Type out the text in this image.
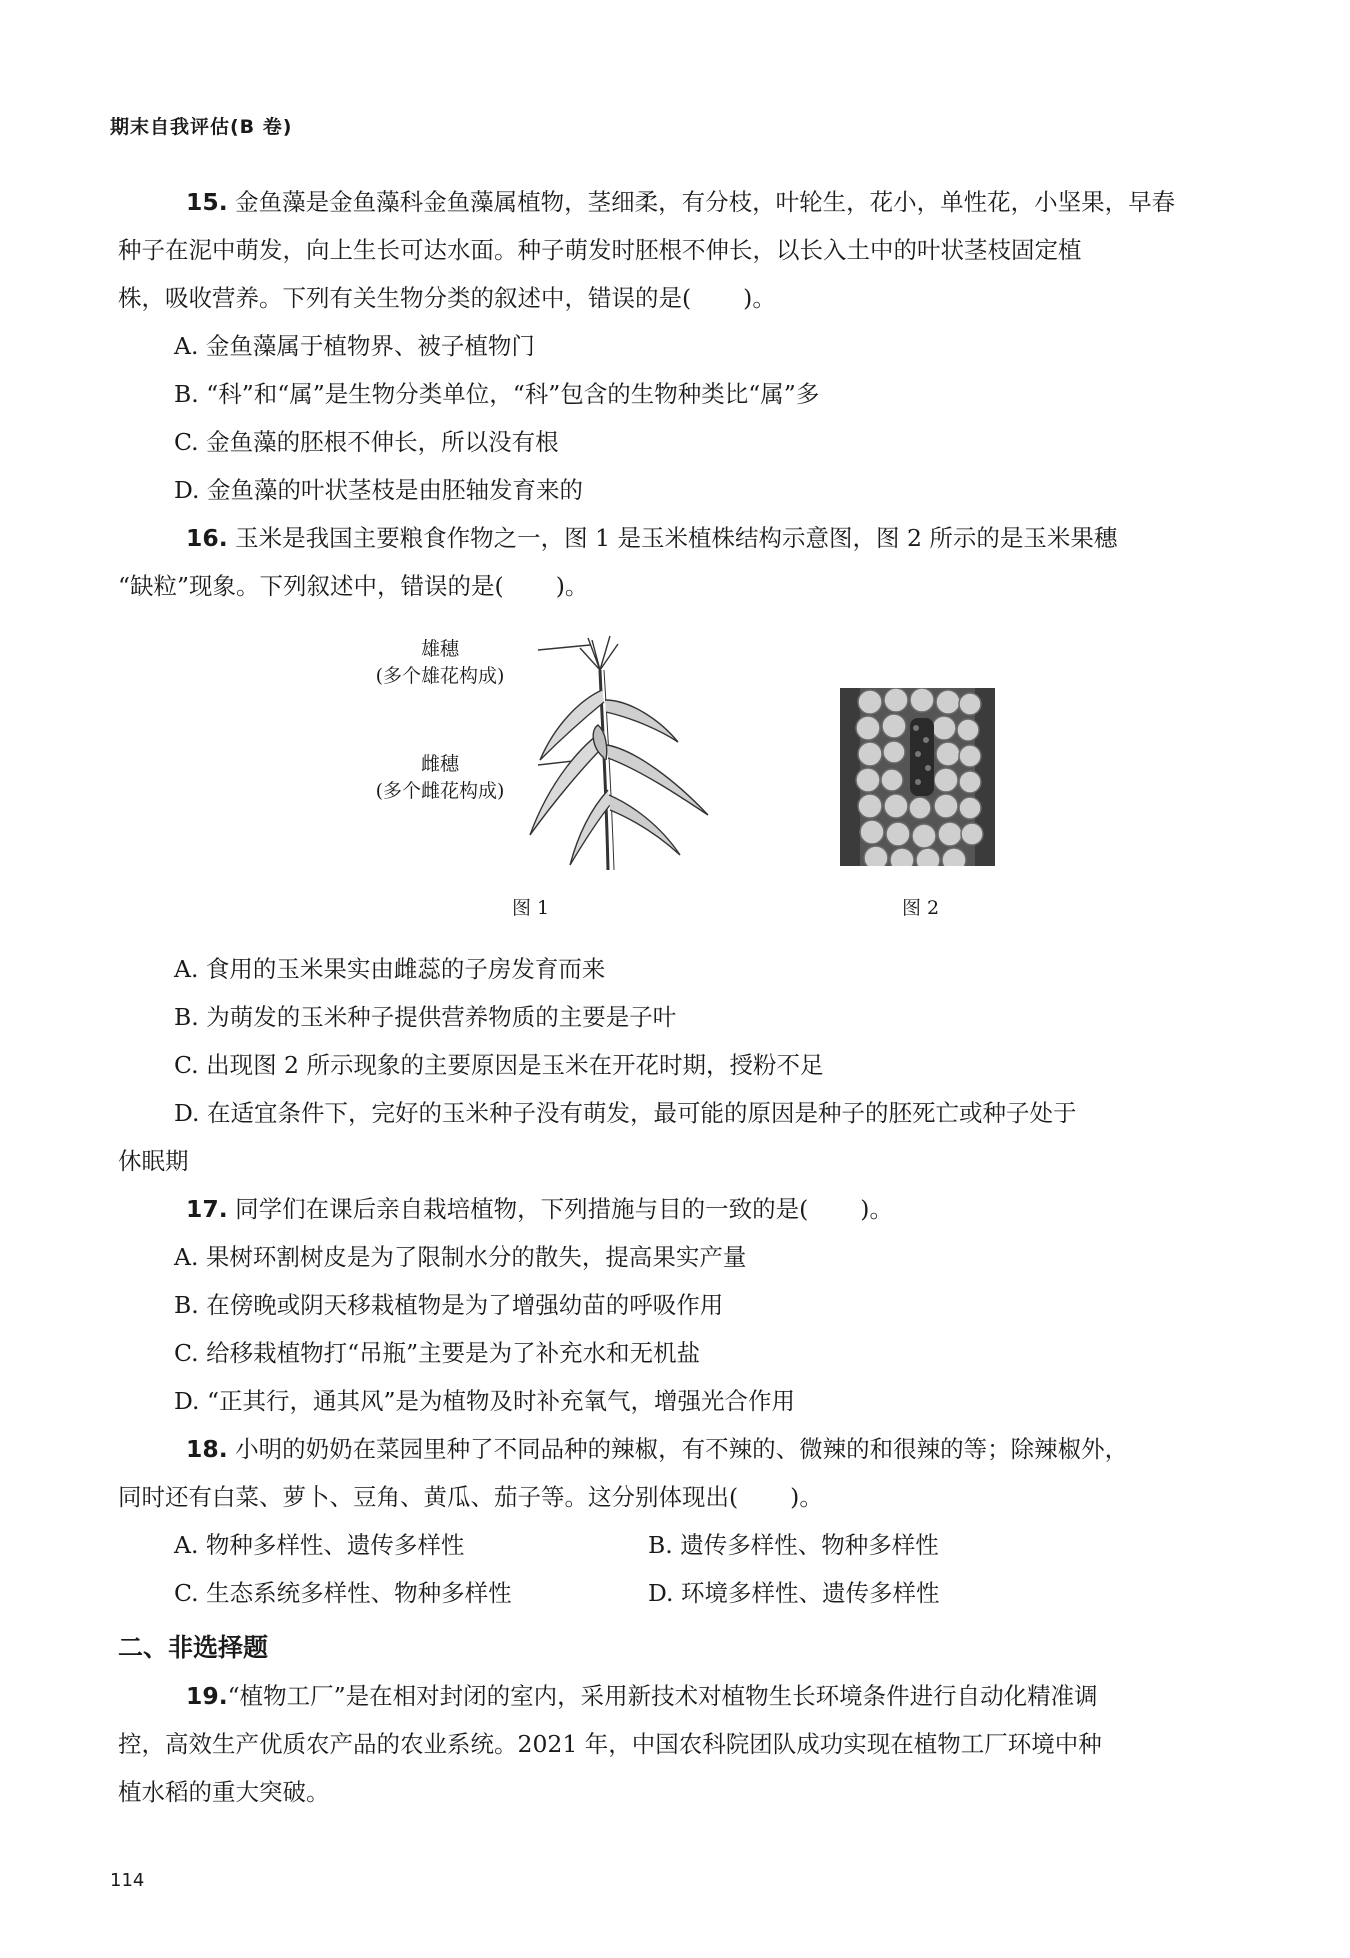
期末自我评估(B 卷)
15. 金鱼藻是金鱼藻科金鱼藻属植物，茎细柔，有分枝，叶轮生，花小，单性花，小坚果，早春
种子在泥中萌发，向上生长可达水面。种子萌发时胚根不伸长，以长入土中的叶状茎枝固定植
株，吸收营养。下列有关生物分类的叙述中，错误的是( )。
A. 金鱼藻属于植物界、被子植物门
B. “科”和“属”是生物分类单位，“科”包含的生物种类比“属”多
C. 金鱼藻的胚根不伸长，所以没有根
D. 金鱼藻的叶状茎枝是由胚轴发育来的
16. 玉米是我国主要粮食作物之一，图 1 是玉米植株结构示意图，图 2 所示的是玉米果穗
“缺粒”现象。下列叙述中，错误的是( )。
雄穗
(多个雄花构成)
雌穗
(多个雌花构成)
图 1	图 2
A. 食用的玉米果实由雌蕊的子房发育而来
B. 为萌发的玉米种子提供营养物质的主要是子叶
C. 出现图 2 所示现象的主要原因是玉米在开花时期，授粉不足
D. 在适宜条件下，完好的玉米种子没有萌发，最可能的原因是种子的胚死亡或种子处于
休眠期
17. 同学们在课后亲自栽培植物，下列措施与目的一致的是( )。
A. 果树环割树皮是为了限制水分的散失，提高果实产量
B. 在傍晚或阴天移栽植物是为了增强幼苗的呼吸作用
C. 给移栽植物打“吊瓶”主要是为了补充水和无机盐
D. “正其行，通其风”是为植物及时补充氧气，增强光合作用
18. 小明的奶奶在菜园里种了不同品种的辣椒，有不辣的、微辣的和很辣的等；除辣椒外，
同时还有白菜、萝卜、豆角、黄瓜、茄子等。这分别体现出( )。
A. 物种多样性、遗传多样性	B. 遗传多样性、物种多样性
C. 生态系统多样性、物种多样性	D. 环境多样性、遗传多样性
二、非选择题
19.“植物工厂”是在相对封闭的室内，采用新技术对植物生长环境条件进行自动化精准调
控，高效生产优质农产品的农业系统。2021 年，中国农科院团队成功实现在植物工厂环境中种
植水稻的重大突破。
114
